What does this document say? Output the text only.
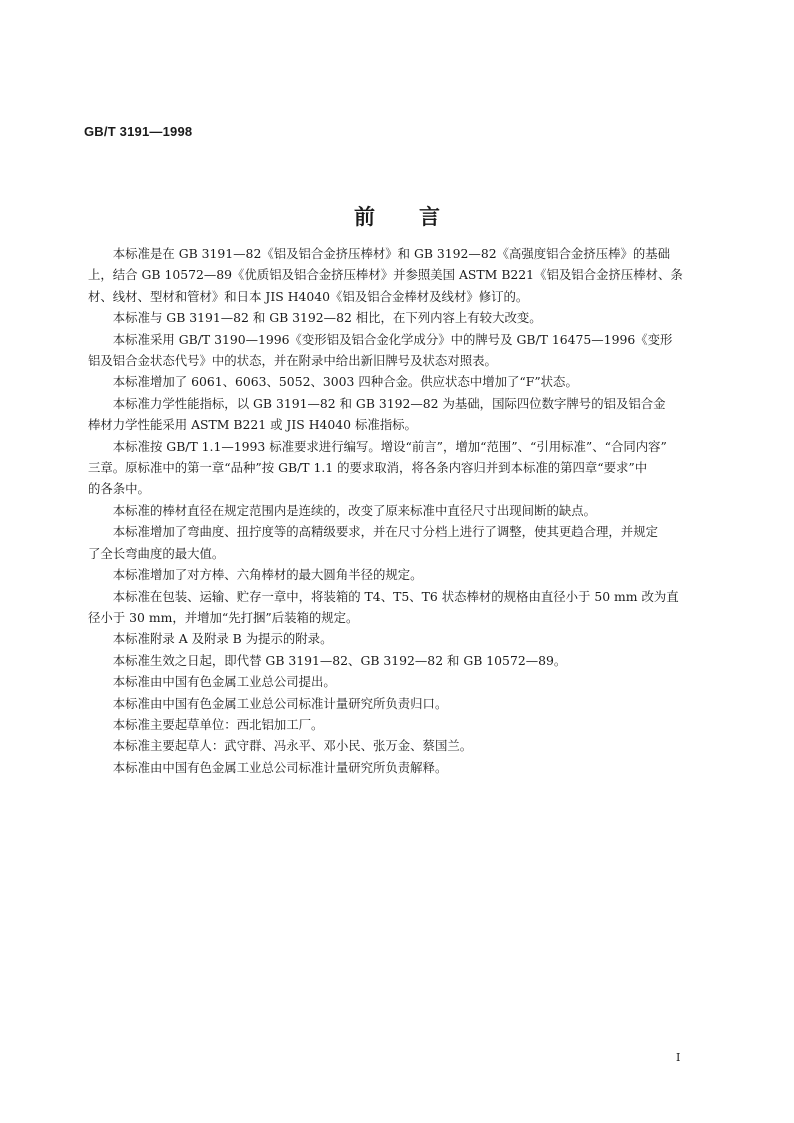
GB/T 3191—1998
前言

本标准是在 GB 3191—82《铝及铝合金挤压棒材》和 GB 3192—82《高强度铝合金挤压棒》的基础
上，结合 GB 10572—89《优质铝及铝合金挤压棒材》并参照美国 ASTM B221《铝及铝合金挤压棒材、条
材、线材、型材和管材》和日本 JIS H4040《铝及铝合金棒材及线材》修订的。

本标准与 GB 3191—82 和 GB 3192—82 相比，在下列内容上有较大改变。

本标准采用 GB/T 3190—1996《变形铝及铝合金化学成分》中的牌号及 GB/T 16475—1996《变形
铝及铝合金状态代号》中的状态，并在附录中给出新旧牌号及状态对照表。

本标准增加了 6061、6063、5052、3003 四种合金。供应状态中增加了“F”状态。

本标准力学性能指标，以 GB 3191—82 和 GB 3192—82 为基础，国际四位数字牌号的铝及铝合金
棒材力学性能采用 ASTM B221 或 JIS H4040 标准指标。

本标准按 GB/T 1.1—1993 标准要求进行编写。增设“前言”，增加“范围”、“引用标准”、“合同内容”
三章。原标准中的第一章“品种”按 GB/T 1.1 的要求取消，将各条内容归并到本标准的第四章“要求”中
的各条中。

本标准的棒材直径在规定范围内是连续的，改变了原来标准中直径尺寸出现间断的缺点。

本标准增加了弯曲度、扭拧度等的高精级要求，并在尺寸分档上进行了调整，使其更趋合理，并规定
了全长弯曲度的最大值。

本标准增加了对方棒、六角棒材的最大圆角半径的规定。

本标准在包装、运输、贮存一章中，将装箱的 T4、T5、T6 状态棒材的规格由直径小于 50 mm 改为直
径小于 30 mm，并增加“先打捆”后装箱的规定。

本标准附录 A 及附录 B 为提示的附录。

本标准生效之日起，即代替 GB 3191—82、GB 3192—82 和 GB 10572—89。

本标准由中国有色金属工业总公司提出。

本标准由中国有色金属工业总公司标准计量研究所负责归口。

本标准主要起草单位：西北铝加工厂。

本标准主要起草人：武守群、冯永平、邓小民、张万金、蔡国兰。

本标准由中国有色金属工业总公司标准计量研究所负责解释。

I
